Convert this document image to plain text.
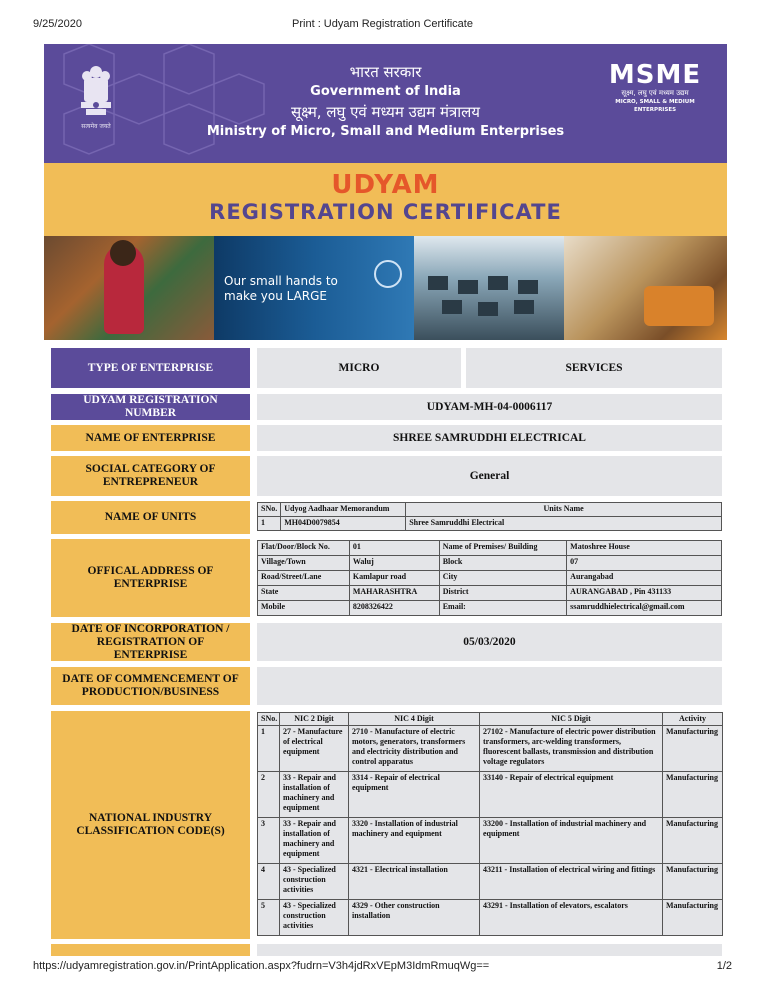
9/25/2020	Print : Udyam Registration Certificate
सत्यमेव जयते
भारत सरकार
Government of India
सूक्ष्म, लघु एवं मध्यम उद्यम मंत्रालय
Ministry of Micro, Small and Medium Enterprises
MSME
सूक्ष्म, लघु एवं मध्यम उद्यम
MICRO, SMALL & MEDIUM ENTERPRISES
UDYAM
REGISTRATION CERTIFICATE
Our small hands to make you LARGE
TYPE OF ENTERPRISE	MICRO	SERVICES
UDYAM REGISTRATION NUMBER	UDYAM-MH-04-0006117
NAME OF ENTERPRISE	SHREE SAMRUDDHI ELECTRICAL
SOCIAL CATEGORY OF ENTREPRENEUR	General
NAME OF UNITS
SNo.	Udyog Aadhaar Memorandum	Units Name
1	MH04D0079854	Shree Samruddhi Electrical
OFFICAL ADDRESS OF ENTERPRISE
Flat/Door/Block No.	01	Name of Premises/ Building	Matoshree House
Village/Town	Waluj	Block	07
Road/Street/Lane	Kamlapur road	City	Aurangabad
State	MAHARASHTRA	District	AURANGABAD , Pin 431133
Mobile	8208326422	Email:	ssamruddhielectrical@gmail.com
DATE OF INCORPORATION / REGISTRATION OF ENTERPRISE
05/03/2020
DATE OF COMMENCEMENT OF PRODUCTION/BUSINESS
NATIONAL INDUSTRY CLASSIFICATION CODE(S)
SNo.	NIC 2 Digit	NIC 4 Digit	NIC 5 Digit	Activity
1	27 - Manufacture of electrical equipment	2710 - Manufacture of electric motors, generators, transformers and electricity distribution and control apparatus	27102 - Manufacture of electric power distribution transformers, arc-welding transformers, fluorescent ballasts, transmission and distribution voltage regulators	Manufacturing
2	33 - Repair and installation of machinery and equipment	3314 - Repair of electrical equipment	33140 - Repair of electrical equipment	Manufacturing
3	33 - Repair and installation of machinery and equipment	3320 - Installation of industrial machinery and equipment	33200 - Installation of industrial machinery and equipment	Manufacturing
4	43 - Specialized construction activities	4321 - Electrical installation	43211 - Installation of electrical wiring and fittings	Manufacturing
5	43 - Specialized construction activities	4329 - Other construction installation	43291 - Installation of elevators, escalators	Manufacturing
https://udyamregistration.gov.in/PrintApplication.aspx?fudrn=V3h4jdRxVEpM3IdmRmuqWg==	1/2
